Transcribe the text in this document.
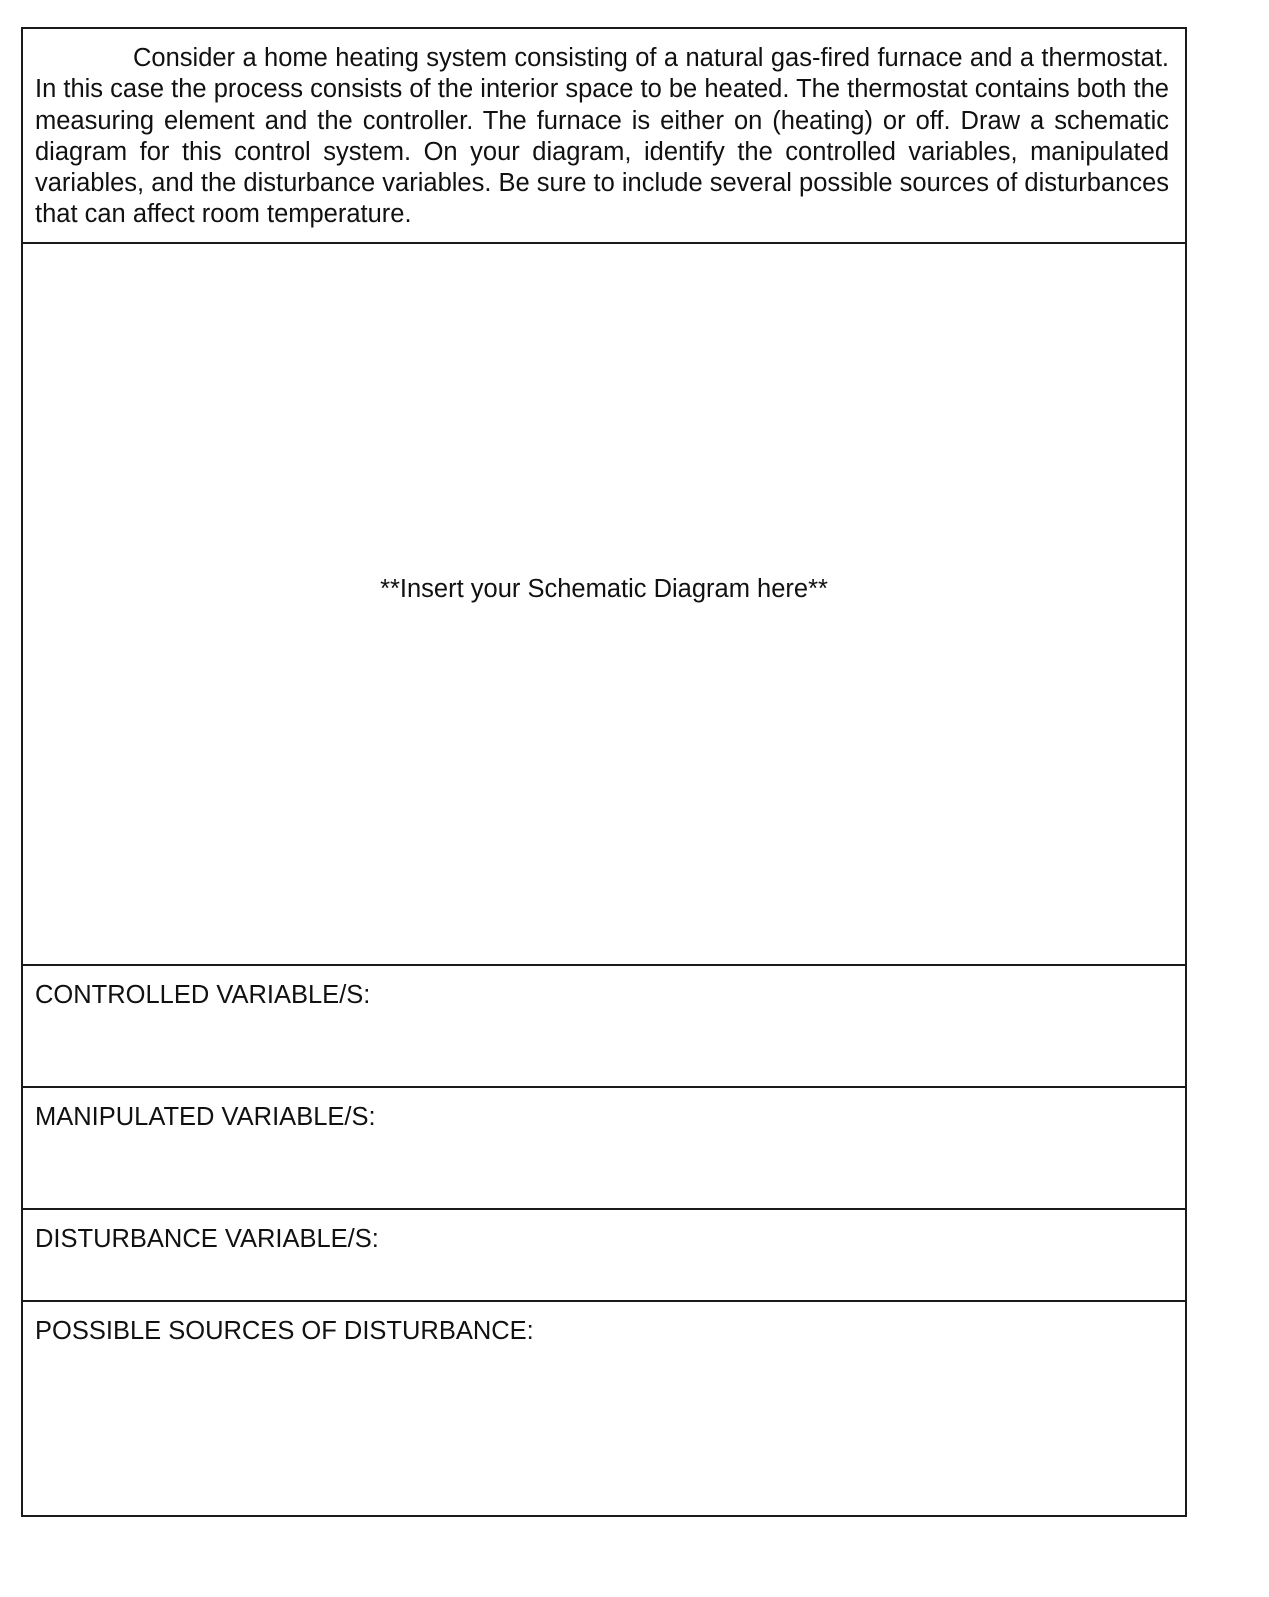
Consider a home heating system consisting of a natural gas-fired furnace and a thermostat. In this case the process consists of the interior space to be heated. The thermostat contains both the measuring element and the controller. The furnace is either on (heating) or off. Draw a schematic diagram for this control system. On your diagram, identify the controlled variables, manipulated variables, and the disturbance variables. Be sure to include several possible sources of disturbances that can affect room temperature.

**Insert your Schematic Diagram here**
CONTROLLED VARIABLE/S:
MANIPULATED VARIABLE/S:
DISTURBANCE VARIABLE/S:
POSSIBLE SOURCES OF DISTURBANCE:
